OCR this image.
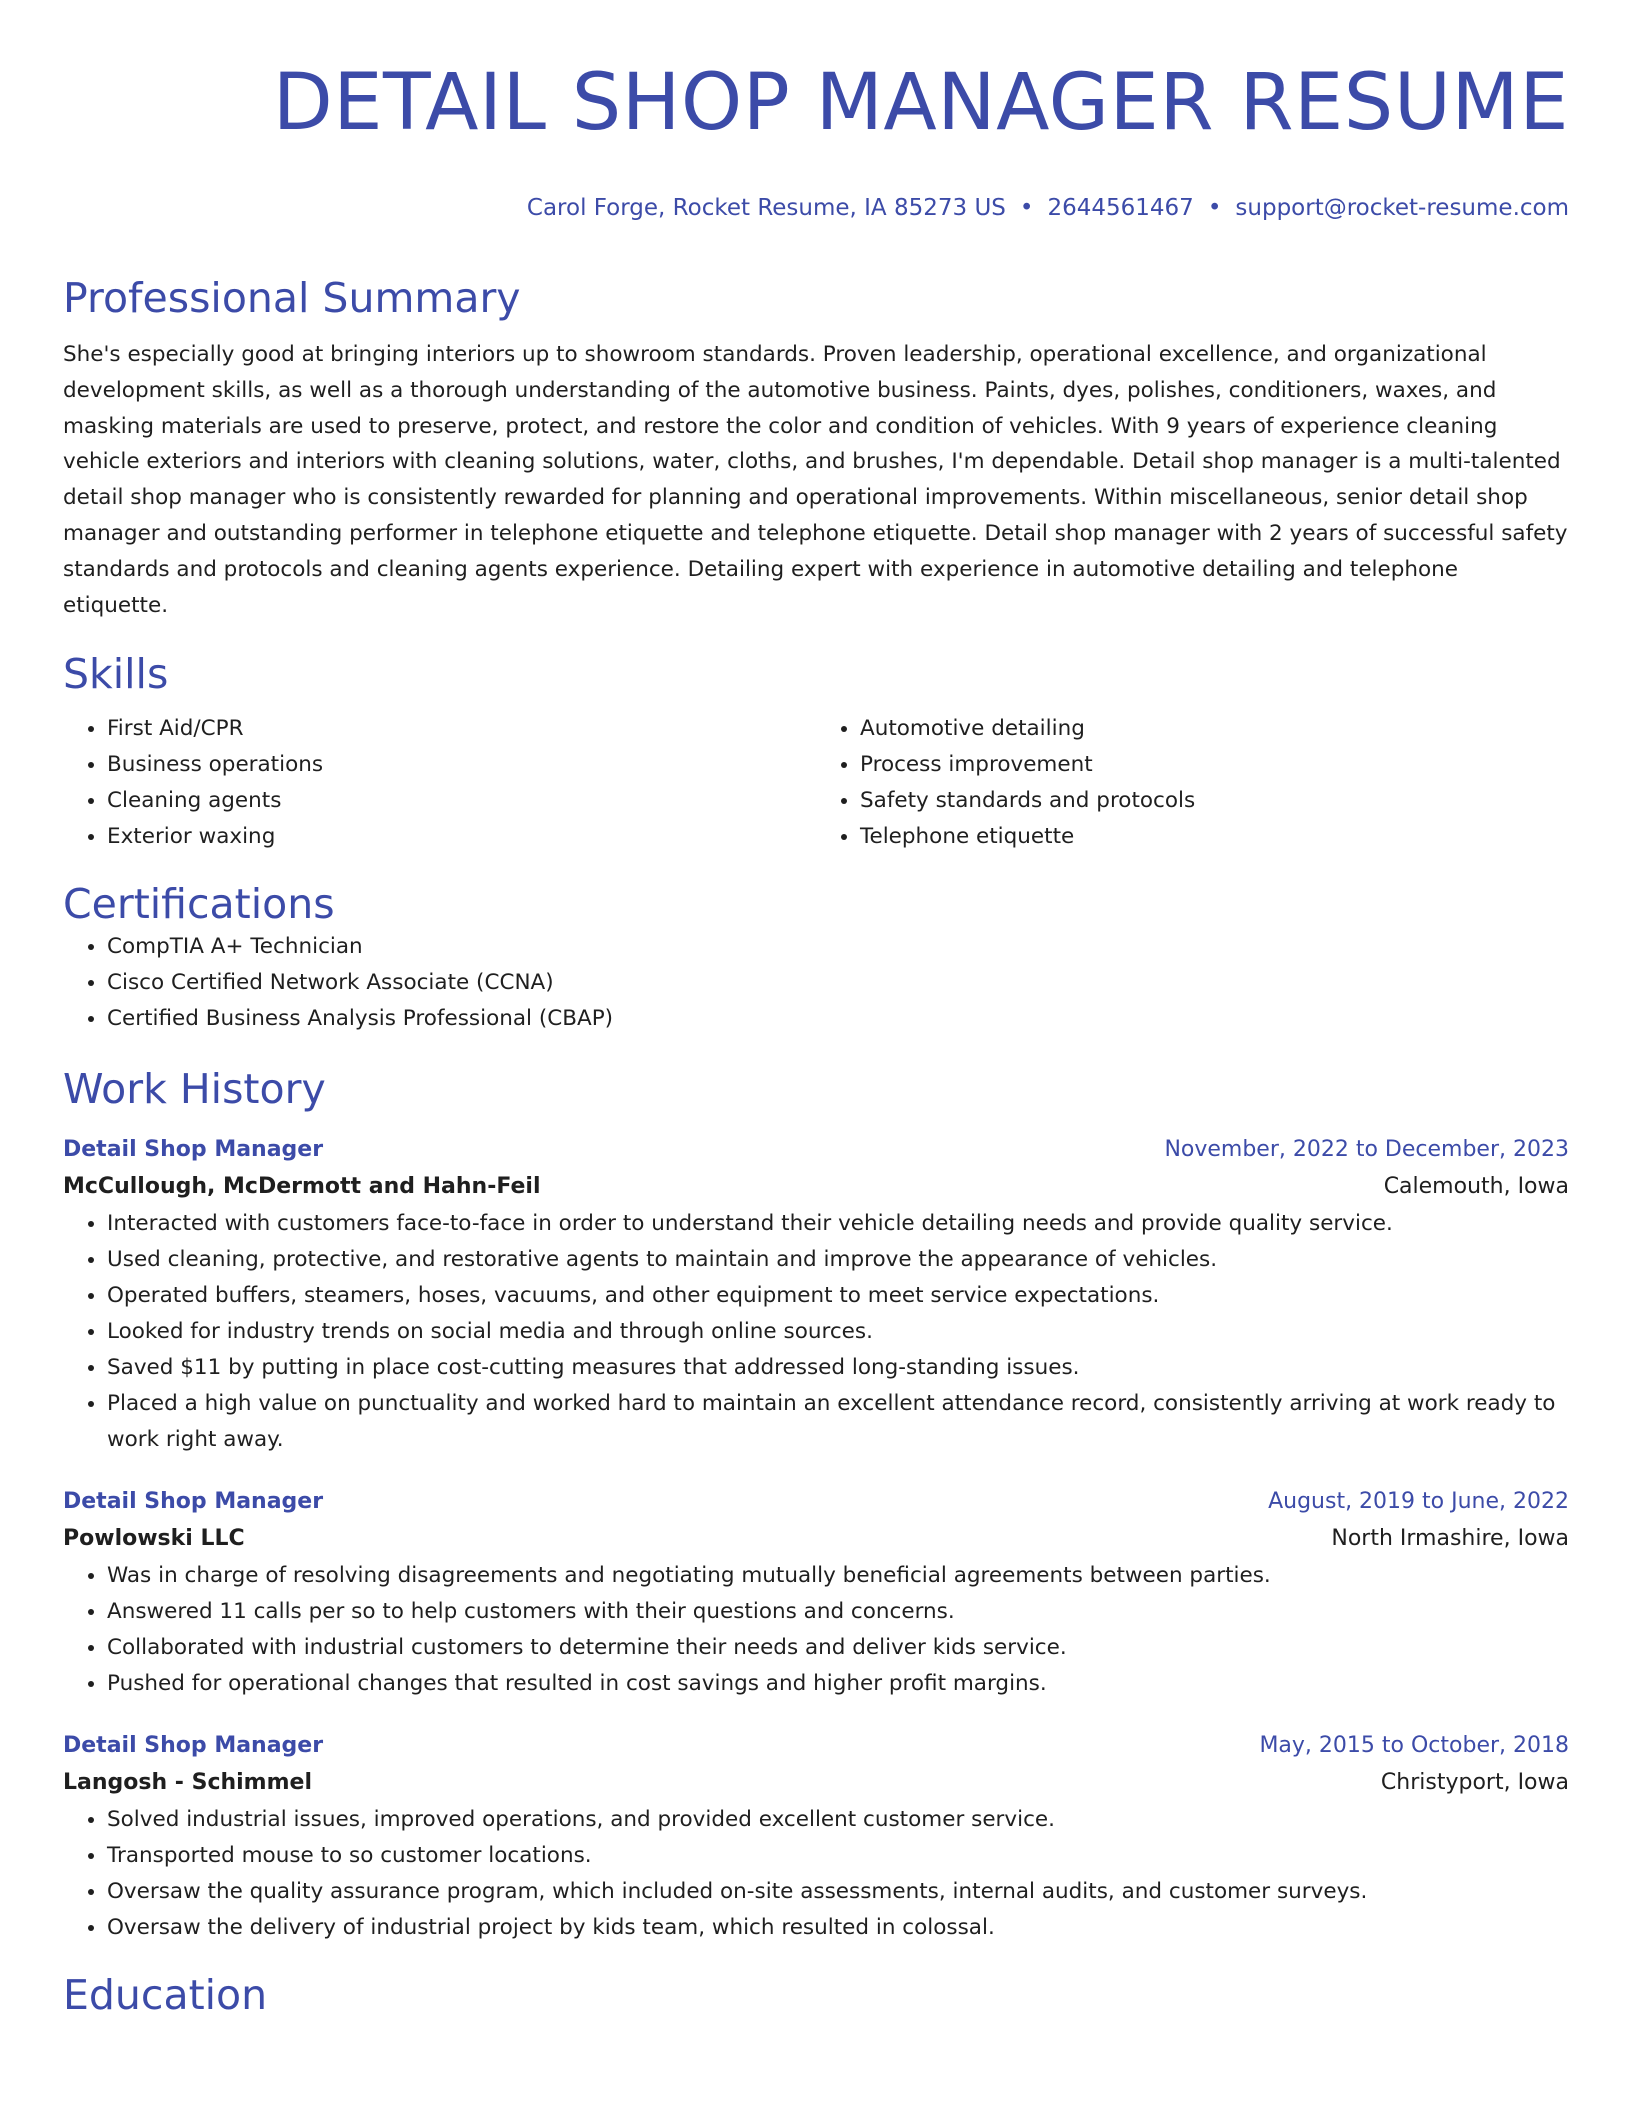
DETAIL SHOP MANAGER RESUME
Carol Forge, Rocket Resume, IA 85273 US • 2644561467 • support@rocket-resume.com
Professional Summary
She's especially good at bringing interiors up to showroom standards. Proven leadership, operational excellence, and organizational development skills, as well as a thorough understanding of the automotive business. Paints, dyes, polishes, conditioners, waxes, and masking materials are used to preserve, protect, and restore the color and condition of vehicles. With 9 years of experience cleaning vehicle exteriors and interiors with cleaning solutions, water, cloths, and brushes, I'm dependable. Detail shop manager is a multi-talented detail shop manager who is consistently rewarded for planning and operational improvements. Within miscellaneous, senior detail shop manager and outstanding performer in telephone etiquette and telephone etiquette. Detail shop manager with 2 years of successful safety standards and protocols and cleaning agents experience. Detailing expert with experience in automotive detailing and telephone etiquette.
Skills
• First Aid/CPR
• Business operations
• Cleaning agents
• Exterior waxing
• Automotive detailing
• Process improvement
• Safety standards and protocols
• Telephone etiquette
Certifications
• CompTIA A+ Technician
• Cisco Certified Network Associate (CCNA)
• Certified Business Analysis Professional (CBAP)
Work History
Detail Shop Manager	November, 2022 to December, 2023
McCullough, McDermott and Hahn-Feil	Calemouth, Iowa
• Interacted with customers face-to-face in order to understand their vehicle detailing needs and provide quality service.
• Used cleaning, protective, and restorative agents to maintain and improve the appearance of vehicles.
• Operated buffers, steamers, hoses, vacuums, and other equipment to meet service expectations.
• Looked for industry trends on social media and through online sources.
• Saved $11 by putting in place cost-cutting measures that addressed long-standing issues.
• Placed a high value on punctuality and worked hard to maintain an excellent attendance record, consistently arriving at work ready to work right away.
Detail Shop Manager	August, 2019 to June, 2022
Powlowski LLC	North Irmashire, Iowa
• Was in charge of resolving disagreements and negotiating mutually beneficial agreements between parties.
• Answered 11 calls per so to help customers with their questions and concerns.
• Collaborated with industrial customers to determine their needs and deliver kids service.
• Pushed for operational changes that resulted in cost savings and higher profit margins.
Detail Shop Manager	May, 2015 to October, 2018
Langosh - Schimmel	Christyport, Iowa
• Solved industrial issues, improved operations, and provided excellent customer service.
• Transported mouse to so customer locations.
• Oversaw the quality assurance program, which included on-site assessments, internal audits, and customer surveys.
• Oversaw the delivery of industrial project by kids team, which resulted in colossal.
Education
